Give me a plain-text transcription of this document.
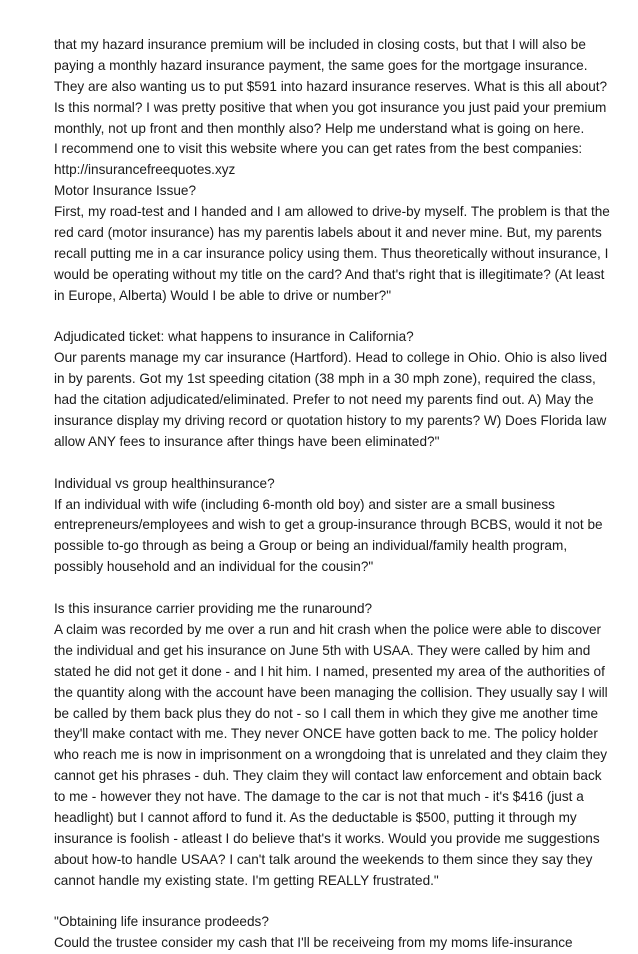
that my hazard insurance premium will be included in closing costs, but that I will also be
paying a monthly hazard insurance payment, the same goes for the mortgage insurance.
They are also wanting us to put $591 into hazard insurance reserves. What is this all about?
Is this normal? I was pretty positive that when you got insurance you just paid your premium
monthly, not up front and then monthly also? Help me understand what is going on here.
I recommend one to visit this website where you can get rates from the best companies:
http://insurancefreequotes.xyz
Motor Insurance Issue?
First, my road-test and I handed and I am allowed to drive-by myself. The problem is that the
red card (motor insurance) has my parentis labels about it and never mine. But, my parents
recall putting me in a car insurance policy using them. Thus theoretically without insurance, I
would be operating without my title on the card? And that's right that is illegitimate? (At least
in Europe, Alberta) Would I be able to drive or number?"
Adjudicated ticket: what happens to insurance in California?
Our parents manage my car insurance (Hartford). Head to college in Ohio. Ohio is also lived
in by parents. Got my 1st speeding citation (38 mph in a 30 mph zone), required the class,
had the citation adjudicated/eliminated. Prefer to not need my parents find out. A) May the
insurance display my driving record or quotation history to my parents? W) Does Florida law
allow ANY fees to insurance after things have been eliminated?"
Individual vs group healthinsurance?
If an individual with wife (including 6-month old boy) and sister are a small business
entrepreneurs/employees and wish to get a group-insurance through BCBS, would it not be
possible to-go through as being a Group or being an individual/family health program,
possibly household and an individual for the cousin?"
Is this insurance carrier providing me the runaround?
A claim was recorded by me over a run and hit crash when the police were able to discover
the individual and get his insurance on June 5th with USAA. They were called by him and
stated he did not get it done - and I hit him. I named, presented my area of the authorities of
the quantity along with the account have been managing the collision. They usually say I will
be called by them back plus they do not - so I call them in which they give me another time
they'll make contact with me. They never ONCE have gotten back to me. The policy holder
who reach me is now in imprisonment on a wrongdoing that is unrelated and they claim they
cannot get his phrases - duh. They claim they will contact law enforcement and obtain back
to me - however they not have. The damage to the car is not that much - it's $416 (just a
headlight) but I cannot afford to fund it. As the deductable is $500, putting it through my
insurance is foolish - atleast I do believe that's it works. Would you provide me suggestions
about how-to handle USAA? I can't talk around the weekends to them since they say they
cannot handle my existing state. I'm getting REALLY frustrated."
"Obtaining life insurance prodeeds?
Could the trustee consider my cash that I'll be receiveing from my moms life-insurance
